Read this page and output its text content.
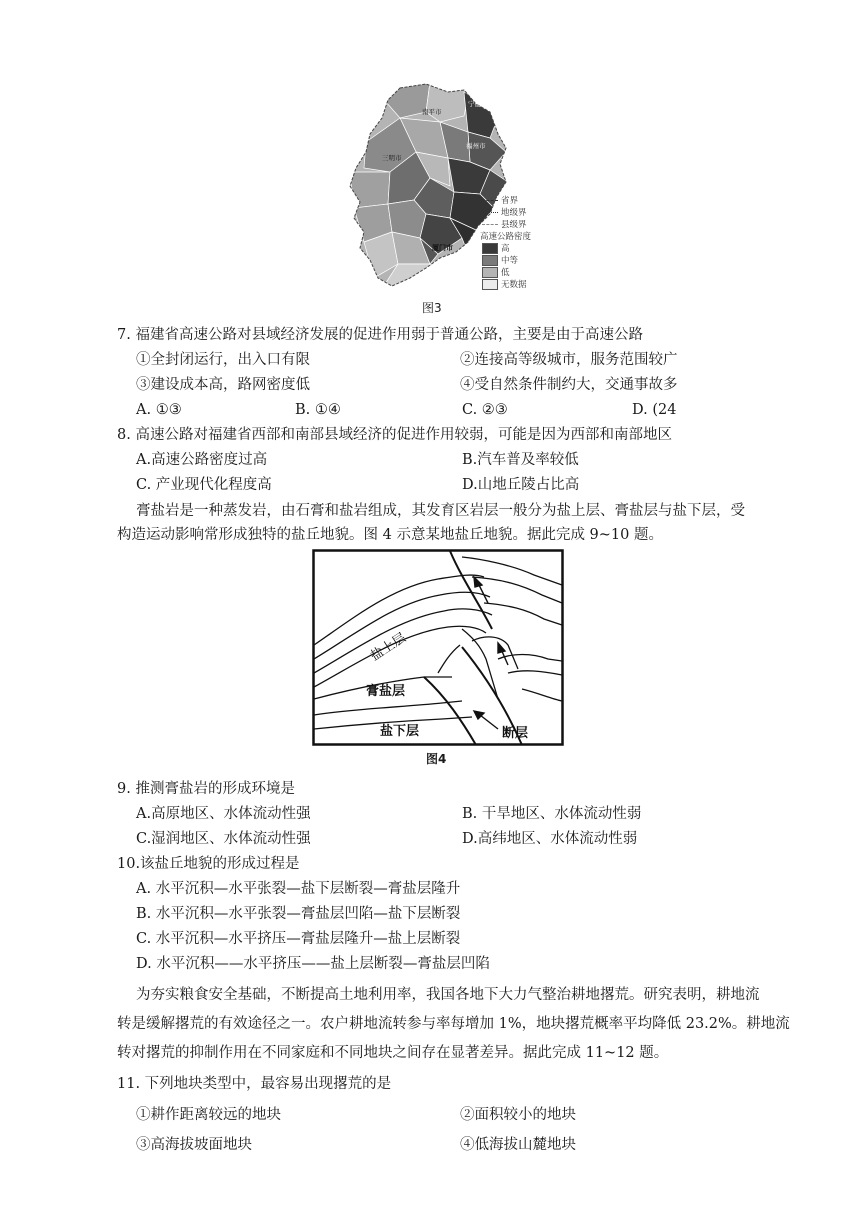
南平市
三明市
福州市
宁德市
厦门市
省界
地级界
县级界
高速公路密度
高
中等
低
无数据
图3
7. 福建省高速公路对县域经济发展的促进作用弱于普通公路，主要是由于高速公路
①全封闭运行，出入口有限	②连接高等级城市，服务范围较广
③建设成本高，路网密度低	④受自然条件制约大，交通事故多
A. ①③	B. ①④	C. ②③	D. (24
8. 高速公路对福建省西部和南部县域经济的促进作用较弱，可能是因为西部和南部地区
A.高速公路密度过高	B.汽车普及率较低
C. 产业现代化程度高	D.山地丘陵占比高
膏盐岩是一种蒸发岩，由石膏和盐岩组成，其发育区岩层一般分为盐上层、膏盐层与盐下层，受
构造运动影响常形成独特的盐丘地貌。图 4 示意某地盐丘地貌。据此完成 9~10 题。
盐上层
膏盐层
盐下层	断层
图4
9. 推测膏盐岩的形成环境是
A.高原地区、水体流动性强	B. 干旱地区、水体流动性弱
C.湿润地区、水体流动性强	D.高纬地区、水体流动性弱
10.该盐丘地貌的形成过程是
A. 水平沉积—水平张裂—盐下层断裂—膏盐层隆升
B. 水平沉积—水平张裂—膏盐层凹陷—盐下层断裂
C. 水平沉积—水平挤压—膏盐层隆升—盐上层断裂
D. 水平沉积——水平挤压——盐上层断裂—膏盐层凹陷
为夯实粮食安全基础，不断提高土地利用率，我国各地下大力气整治耕地撂荒。研究表明，耕地流
转是缓解撂荒的有效途径之一。农户耕地流转参与率每增加 1%，地块撂荒概率平均降低 23.2%。耕地流
转对撂荒的抑制作用在不同家庭和不同地块之间存在显著差异。据此完成 11~12 题。
11. 下列地块类型中，最容易出现撂荒的是
①耕作距离较远的地块	②面积较小的地块
③高海拔坡面地块	④低海拔山麓地块
